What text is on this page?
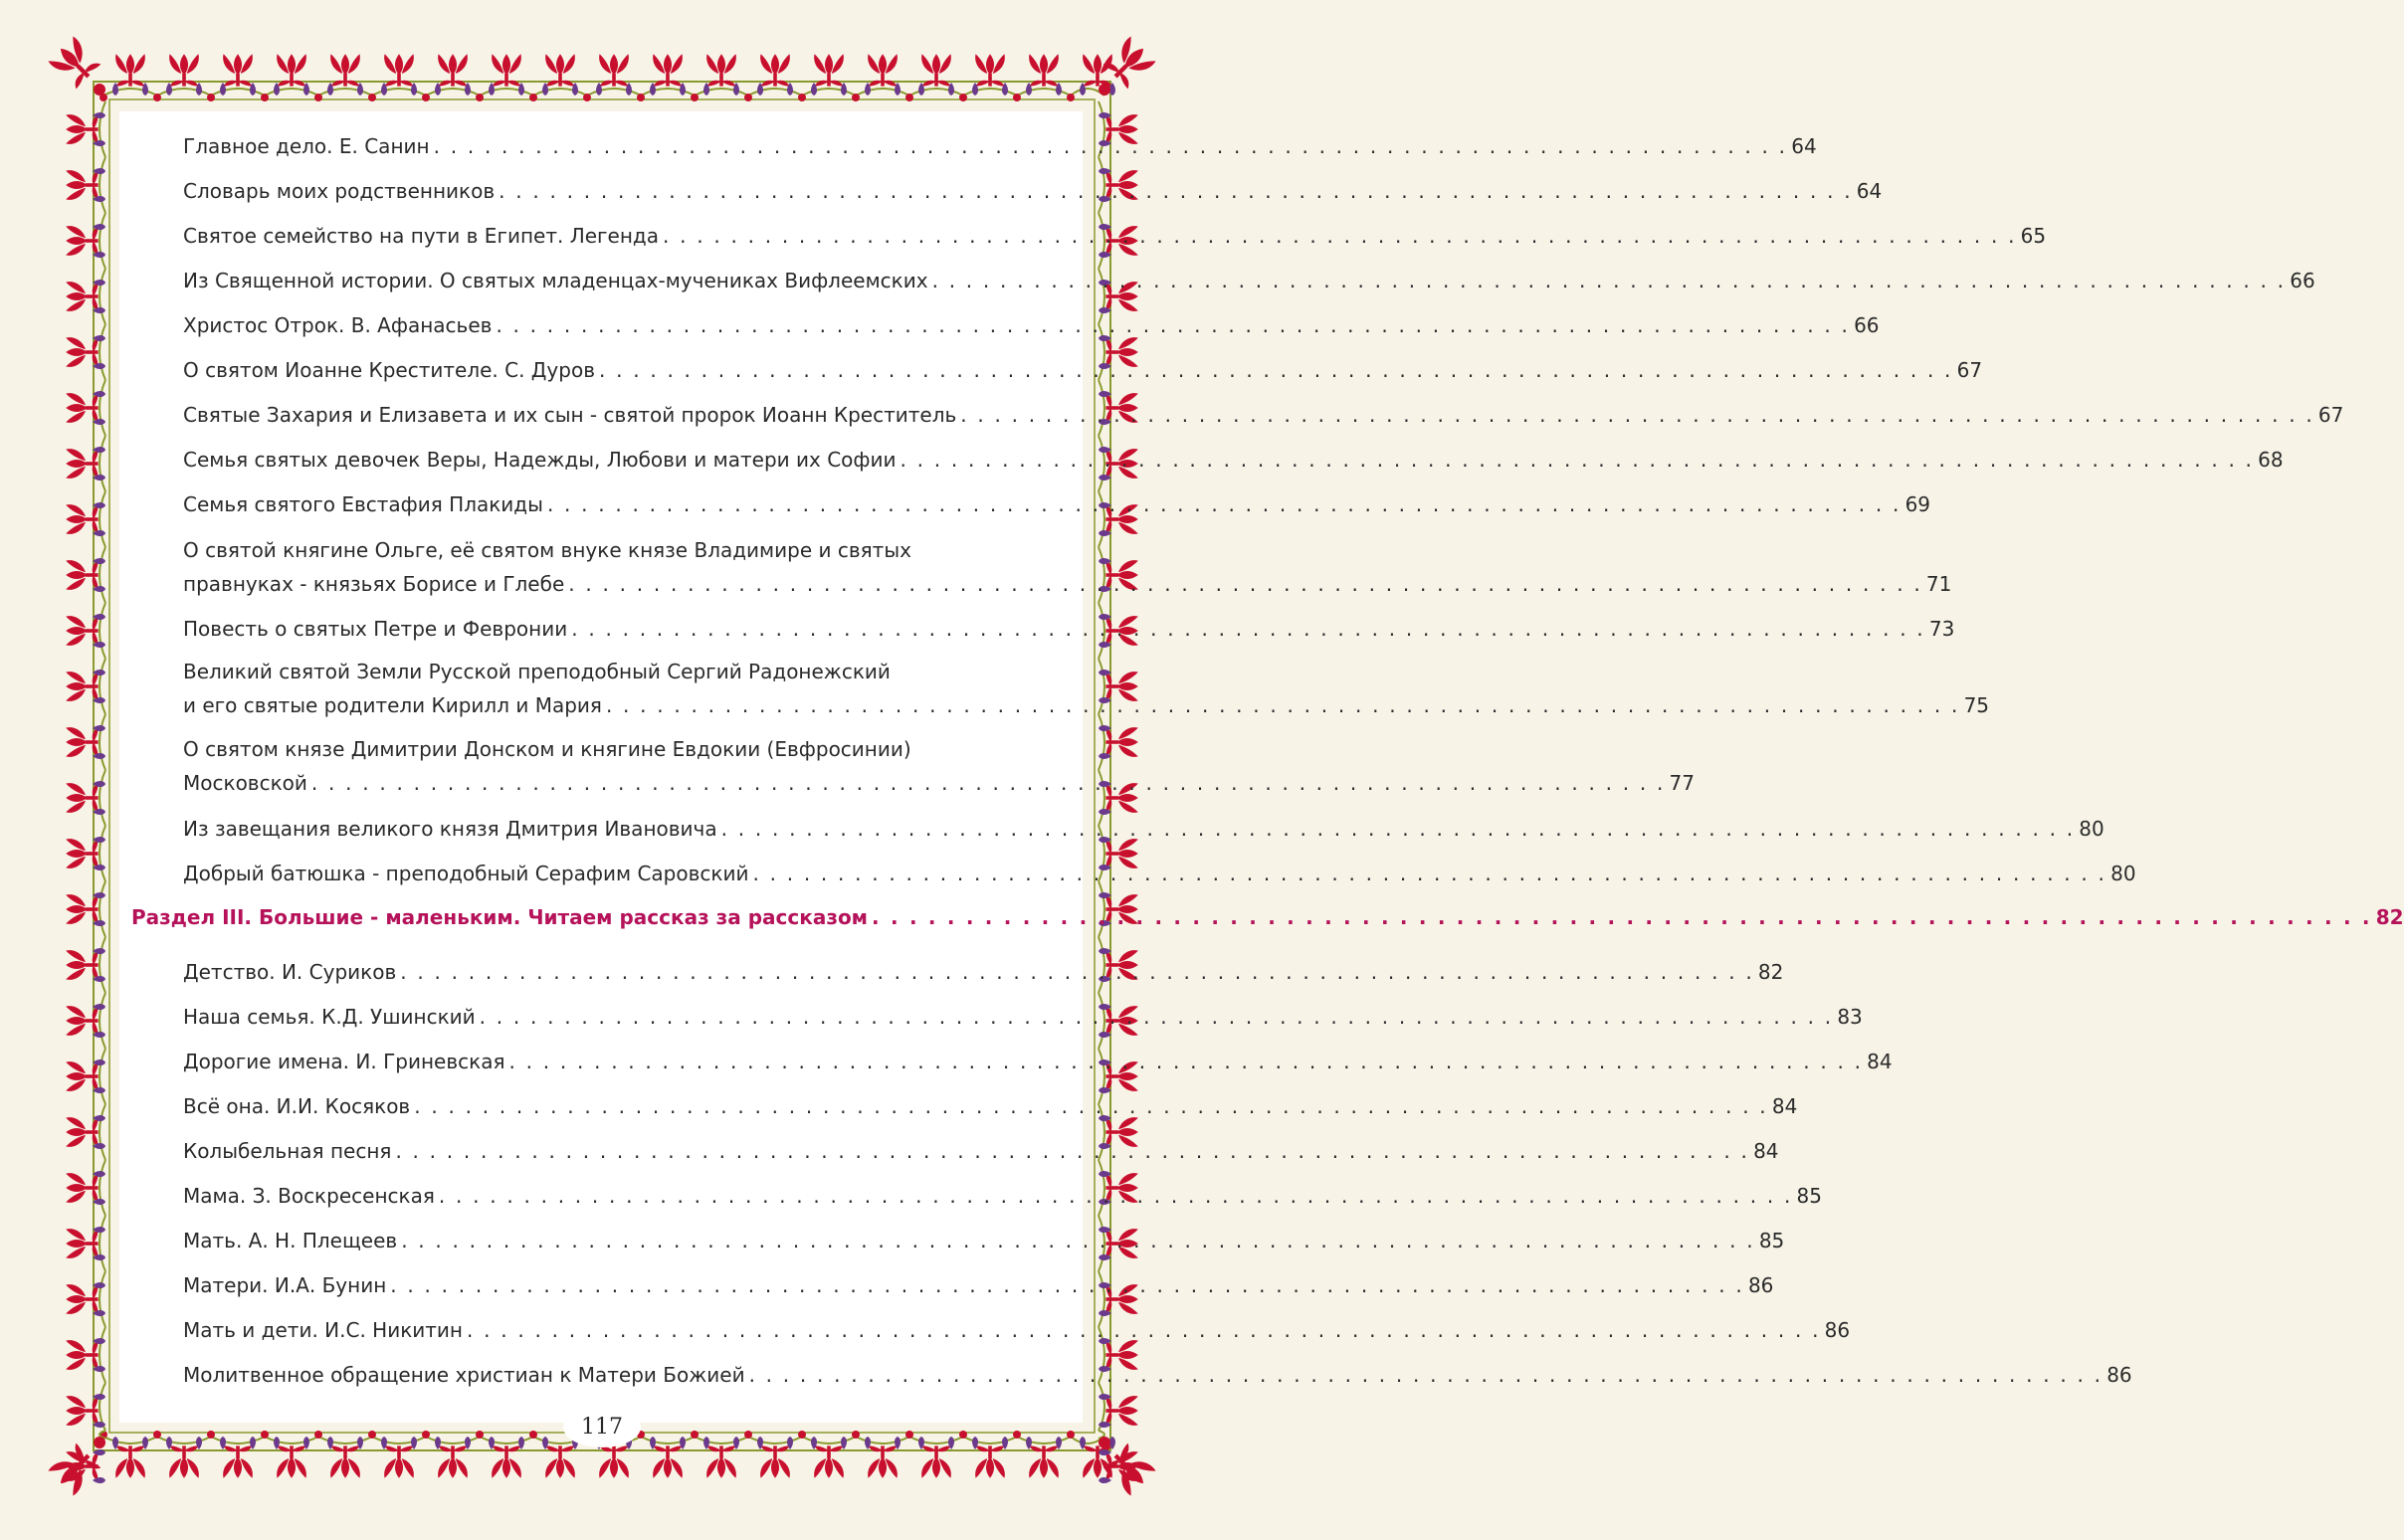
Главное дело. Е. Санин . . . . . . . . . . . . . . . . . . . . . . . . . . . . . . . . . . . . . . . . . . . . . . . . . . . . . . . . . . . . . . . . . . . . . . . . . . . . . . . . 64
Словарь моих родственников . . . . . . . . . . . . . . . . . . . . . . . . . . . . . . . . . . . . . . . . . . . . . . . . . . . . . . . . . . . . . . . . . . . . . . . . . . . . . . . . 64
Святое семейство на пути в Египет. Легенда . . . . . . . . . . . . . . . . . . . . . . . . . . . . . . . . . . . . . . . . . . . . . . . . . . . . . . . . . . . . . . . . . . . . . . . . . . . . . . . . 65
Из Священной истории. О святых младенцах-мучениках Вифлеемских . . . . . . . . . . . . . . . . . . . . . . . . . . . . . . . . . . . . . . . . . . . . . . . . . . . . . . . . . . . . . . . . . . . . . . . . . . . . . . . . 66
Христос Отрок. В. Афанасьев . . . . . . . . . . . . . . . . . . . . . . . . . . . . . . . . . . . . . . . . . . . . . . . . . . . . . . . . . . . . . . . . . . . . . . . . . . . . . . . . 66
О святом Иоанне Крестителе. С. Дуров . . . . . . . . . . . . . . . . . . . . . . . . . . . . . . . . . . . . . . . . . . . . . . . . . . . . . . . . . . . . . . . . . . . . . . . . . . . . . . . . 67
Святые Захария и Елизавета и их сын - святой пророк Иоанн Креститель . . . . . . . . . . . . . . . . . . . . . . . . . . . . . . . . . . . . . . . . . . . . . . . . . . . . . . . . . . . . . . . . . . . . . . . . . . . . . . . . 67
Семья святых девочек Веры, Надежды, Любови и матери их Софии . . . . . . . . . . . . . . . . . . . . . . . . . . . . . . . . . . . . . . . . . . . . . . . . . . . . . . . . . . . . . . . . . . . . . . . . . . . . . . . . 68
Семья святого Евстафия Плакиды . . . . . . . . . . . . . . . . . . . . . . . . . . . . . . . . . . . . . . . . . . . . . . . . . . . . . . . . . . . . . . . . . . . . . . . . . . . . . . . . 69
О святой княгине Ольге, её святом внуке князе Владимире и святых
правнуках - князьях Борисе и Глебе . . . . . . . . . . . . . . . . . . . . . . . . . . . . . . . . . . . . . . . . . . . . . . . . . . . . . . . . . . . . . . . . . . . . . . . . . . . . . . . . 71
Повесть о святых Петре и Февронии . . . . . . . . . . . . . . . . . . . . . . . . . . . . . . . . . . . . . . . . . . . . . . . . . . . . . . . . . . . . . . . . . . . . . . . . . . . . . . . . 73
Великий святой Земли Русской преподобный Сергий Радонежский
и его святые родители Кирилл и Мария . . . . . . . . . . . . . . . . . . . . . . . . . . . . . . . . . . . . . . . . . . . . . . . . . . . . . . . . . . . . . . . . . . . . . . . . . . . . . . . . 75
О святом князе Димитрии Донском и княгине Евдокии (Евфросинии)
Московской . . . . . . . . . . . . . . . . . . . . . . . . . . . . . . . . . . . . . . . . . . . . . . . . . . . . . . . . . . . . . . . . . . . . . . . . . . . . . . . . 77
Из завещания великого князя Дмитрия Ивановича . . . . . . . . . . . . . . . . . . . . . . . . . . . . . . . . . . . . . . . . . . . . . . . . . . . . . . . . . . . . . . . . . . . . . . . . . . . . . . . . 80
Добрый батюшка - преподобный Серафим Саровский . . . . . . . . . . . . . . . . . . . . . . . . . . . . . . . . . . . . . . . . . . . . . . . . . . . . . . . . . . . . . . . . . . . . . . . . . . . . . . . . 80
Раздел III. Большие - маленьким. Читаем рассказ за рассказом . . . . . . . . . . . . . . . . . . . . . . . . . . . . . . . . . . . . . . . . . . . . . . . . . . . . . . . . . . . . . . . . . . . . . . . . . . . . . . . . 82
Детство. И. Суриков . . . . . . . . . . . . . . . . . . . . . . . . . . . . . . . . . . . . . . . . . . . . . . . . . . . . . . . . . . . . . . . . . . . . . . . . . . . . . . . . 82
Наша семья. К.Д. Ушинский . . . . . . . . . . . . . . . . . . . . . . . . . . . . . . . . . . . . . . . . . . . . . . . . . . . . . . . . . . . . . . . . . . . . . . . . . . . . . . . . 83
Дорогие имена. И. Гриневская . . . . . . . . . . . . . . . . . . . . . . . . . . . . . . . . . . . . . . . . . . . . . . . . . . . . . . . . . . . . . . . . . . . . . . . . . . . . . . . . 84
Всё она. И.И. Косяков . . . . . . . . . . . . . . . . . . . . . . . . . . . . . . . . . . . . . . . . . . . . . . . . . . . . . . . . . . . . . . . . . . . . . . . . . . . . . . . . 84
Колыбельная песня . . . . . . . . . . . . . . . . . . . . . . . . . . . . . . . . . . . . . . . . . . . . . . . . . . . . . . . . . . . . . . . . . . . . . . . . . . . . . . . . 84
Мама. З. Воскресенская . . . . . . . . . . . . . . . . . . . . . . . . . . . . . . . . . . . . . . . . . . . . . . . . . . . . . . . . . . . . . . . . . . . . . . . . . . . . . . . . 85
Мать. А. Н. Плещеев . . . . . . . . . . . . . . . . . . . . . . . . . . . . . . . . . . . . . . . . . . . . . . . . . . . . . . . . . . . . . . . . . . . . . . . . . . . . . . . . 85
Матери. И.А. Бунин . . . . . . . . . . . . . . . . . . . . . . . . . . . . . . . . . . . . . . . . . . . . . . . . . . . . . . . . . . . . . . . . . . . . . . . . . . . . . . . . 86
Мать и дети. И.С. Никитин . . . . . . . . . . . . . . . . . . . . . . . . . . . . . . . . . . . . . . . . . . . . . . . . . . . . . . . . . . . . . . . . . . . . . . . . . . . . . . . . 86
Молитвенное обращение христиан к Матери Божией . . . . . . . . . . . . . . . . . . . . . . . . . . . . . . . . . . . . . . . . . . . . . . . . . . . . . . . . . . . . . . . . . . . . . . . . . . . . . . . . 86
117
